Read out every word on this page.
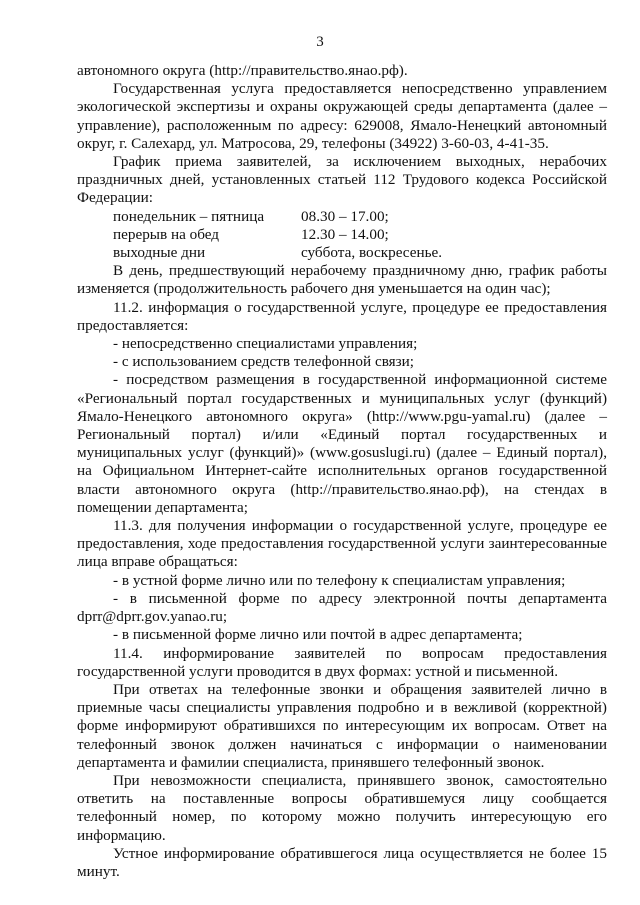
3

автономного округа (http://правительство.янао.рф).

Государственная услуга предоставляется непосредственно управлением экологической экспертизы и охраны окружающей среды департамента (далее – управление), расположенным по адресу: 629008, Ямало-Ненецкий автономный округ, г. Салехард, ул. Матросова, 29, телефоны (34922) 3-60-03, 4-41-35.

График приема заявителей, за исключением выходных, нерабочих праздничных дней, установленных статьей 112 Трудового кодекса Российской Федерации:

понедельник – пятница	08.30 – 17.00;
перерыв на обед	12.30 – 14.00;
выходные дни	суббота, воскресенье.

В день, предшествующий нерабочему праздничному дню, график работы изменяется (продолжительность рабочего дня уменьшается на один час);

11.2. информация о государственной услуге, процедуре ее предоставления предоставляется:

- непосредственно специалистами управления;

- с использованием средств телефонной связи;

- посредством размещения в государственной информационной системе «Региональный портал государственных и муниципальных услуг (функций) Ямало-Ненецкого автономного округа» (http://www.pgu-yamal.ru) (далее – Региональный портал) и/или «Единый портал государственных и муниципальных услуг (функций)» (www.gosuslugi.ru) (далее – Единый портал), на Официальном Интернет-сайте исполнительных органов государственной власти автономного округа (http://правительство.янао.рф), на стендах в помещении департамента;

11.3. для получения информации о государственной услуге, процедуре ее предоставления, ходе предоставления государственной услуги заинтересованные лица вправе обращаться:

- в устной форме лично или по телефону к специалистам управления;

- в письменной форме по адресу электронной почты департамента dprr@dprr.gov.yanao.ru;

- в письменной форме лично или почтой в адрес департамента;

11.4. информирование заявителей по вопросам предоставления государственной услуги проводится в двух формах: устной и письменной.

При ответах на телефонные звонки и обращения заявителей лично в приемные часы специалисты управления подробно и в вежливой (корректной) форме информируют обратившихся по интересующим их вопросам. Ответ на телефонный звонок должен начинаться с информации о наименовании департамента и фамилии специалиста, принявшего телефонный звонок.

При невозможности специалиста, принявшего звонок, самостоятельно ответить на поставленные вопросы обратившемуся лицу сообщается телефонный номер, по которому можно получить интересующую его информацию.

Устное информирование обратившегося лица осуществляется не более 15 минут.
